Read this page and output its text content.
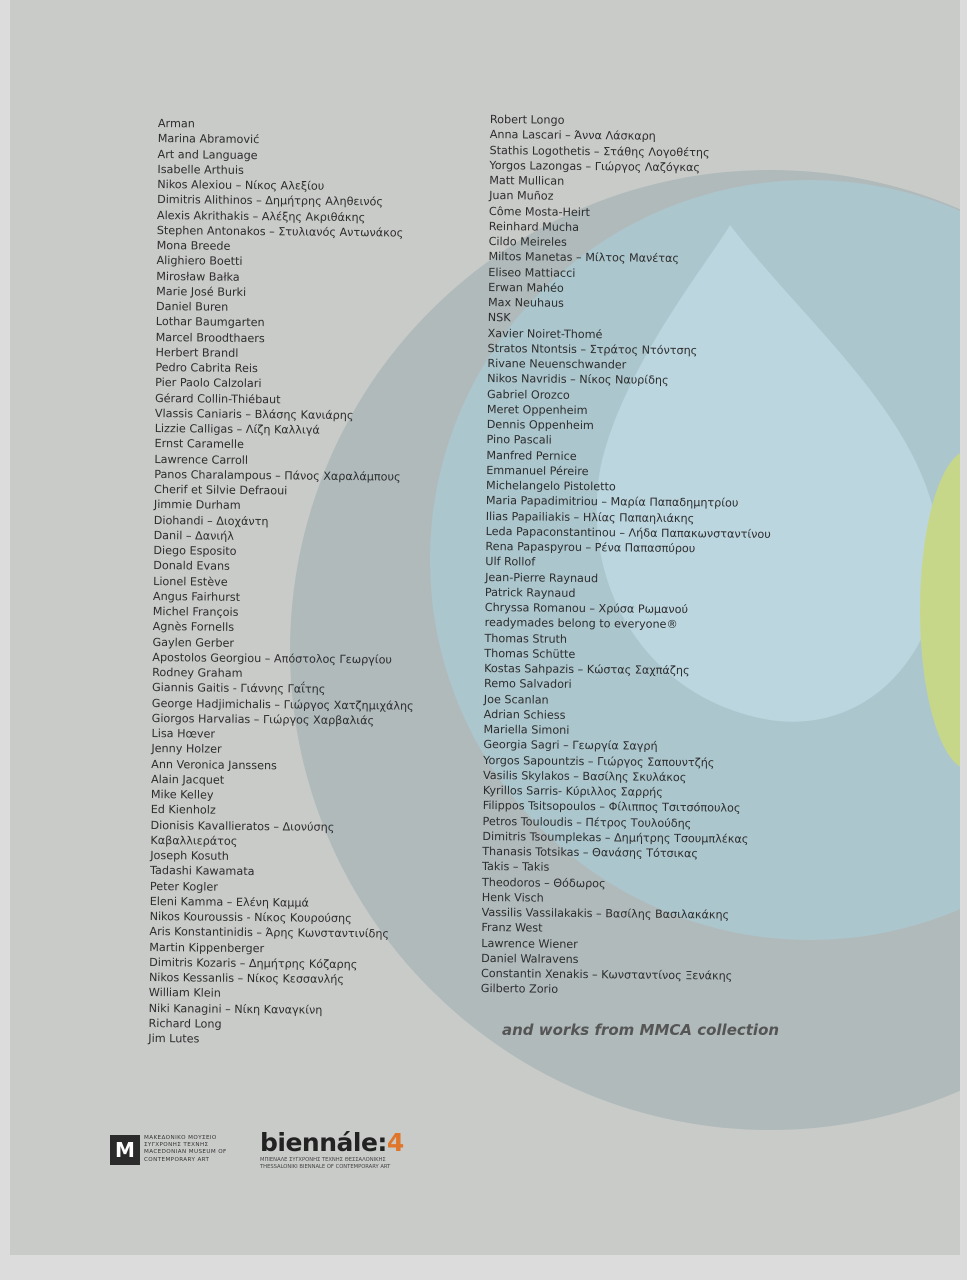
Arman
Marina Abramović
Art and Language
Isabelle Arthuis
Nikos Alexiou – Νίκος Αλεξίου
Dimitris Alithinos – Δημήτρης Αληθεινός
Alexis Akrithakis – Αλέξης Ακριθάκης
Stephen Antonakos – Στυλιανός Αντωνάκος
Mona Breede
Alighiero Boetti
Mirosław Bałka
Marie José Burki
Daniel Buren
Lothar Baumgarten
Marcel Broodthaers
Herbert Brandl
Pedro Cabrita Reis
Pier Paolo Calzolari
Gérard Collin-Thiébaut
Vlassis Caniaris – Βλάσης Κανιάρης
Lizzie Calligas – Λίζη Καλλιγά
Ernst Caramelle
Lawrence Carroll
Panos Charalampous – Πάνος Χαραλάμπους
Cherif et Silvie Defraoui
Jimmie Durham
Diohandi – Διοχάντη
Danil – Δανιήλ
Diego Esposito
Donald Evans
Lionel Estève
Angus Fairhurst
Michel François
Agnès Fornells
Gaylen Gerber
Apostolos Georgiou – Απόστολος Γεωργίου
Rodney Graham
Giannis Gaitis - Γιάννης Γαΐτης
George Hadjimichalis – Γιώργος Χατζημιχάλης
Giorgos Harvalias – Γιώργος Χαρβαλιάς
Lisa Hœver
Jenny Holzer
Ann Veronica Janssens
Alain Jacquet
Mike Kelley
Ed Kienholz
Dionisis Kavallieratos – Διονύσης
Καβαλλιεράτος
Joseph Kosuth
Tadashi Kawamata
Peter Kogler
Eleni Kamma – Ελένη Καμμά
Nikos Kouroussis - Νίκος Κουρούσης
Aris Konstantinidis – Άρης Κωνσταντινίδης
Martin Kippenberger
Dimitris Kozaris – Δημήτρης Κόζαρης
Nikos Kessanlis – Νίκος Κεσσανλής
William Klein
Niki Kanagini – Νίκη Καναγκίνη
Richard Long
Jim Lutes
Robert Longo
Anna Lascari – Άννα Λάσκαρη
Stathis Logothetis – Στάθης Λογοθέτης
Yorgos Lazongas – Γιώργος Λαζόγκας
Matt Mullican
Juan Muñoz
Côme Mosta-Heirt
Reinhard Mucha
Cildo Meireles
Miltos Manetas – Μίλτος Μανέτας
Eliseo Mattiacci
Erwan Mahéo
Max Neuhaus
NSK
Xavier Noiret-Thomé
Stratos Ntontsis – Στράτος Ντόντσης
Rivane Neuenschwander
Nikos Navridis – Νίκος Ναυρίδης
Gabriel Orozco
Meret Oppenheim
Dennis Oppenheim
Pino Pascali
Manfred Pernice
Emmanuel Péreire
Michelangelo Pistoletto
Maria Papadimitriou – Μαρία Παπαδημητρίου
Ilias Papailiakis – Ηλίας Παπαηλιάκης
Leda Papaconstantinou – Λήδα Παπακωνσταντίνου
Rena Papaspyrou – Ρένα Παπασπύρου
Ulf Rollof
Jean-Pierre Raynaud
Patrick Raynaud
Chryssa Romanou – Χρύσα Ρωμανού
readymades belong to everyone®
Thomas Struth
Thomas Schütte
Kostas Sahpazis – Κώστας Σαχπάζης
Remo Salvadori
Joe Scanlan
Adrian Schiess
Mariella Simoni
Georgia Sagri – Γεωργία Σαγρή
Yorgos Sapountzis – Γιώργος Σαπουντζής
Vasilis Skylakos – Βασίλης Σκυλάκος
Kyrillos Sarris- Κύριλλος Σαρρής
Filippos Tsitsopoulos – Φίλιππος Τσιτσόπουλος
Petros Touloudis – Πέτρος Τουλούδης
Dimitris Tsoumplekas – Δημήτρης Τσουμπλέκας
Thanasis Totsikas – Θανάσης Τότσικας
Takis – Takis
Theodoros – Θόδωρος
Henk Visch
Vassilis Vassilakakis – Βασίλης Βασιλακάκης
Franz West
Lawrence Wiener
Daniel Walravens
Constantin Xenakis – Κωνσταντίνος Ξενάκης
Gilberto Zorio
and works from MMCA collection
M	ΜΑΚΕΔΟΝΙΚΟ ΜΟΥΣΕΙΟ
ΣΥΓΧΡΟΝΗΣ ΤΕΧΝΗΣ
MACEDONIAN MUSEUM OF
CONTEMPORARY ART
biennále:4
ΜΠΙΕΝΑΛΕ ΣΥΓΧΡΟΝΗΣ ΤΕΧΝΗΣ ΘΕΣΣΑΛΟΝΙΚΗΣ
THESSALONIKI BIENNALE OF CONTEMPORARY ART
